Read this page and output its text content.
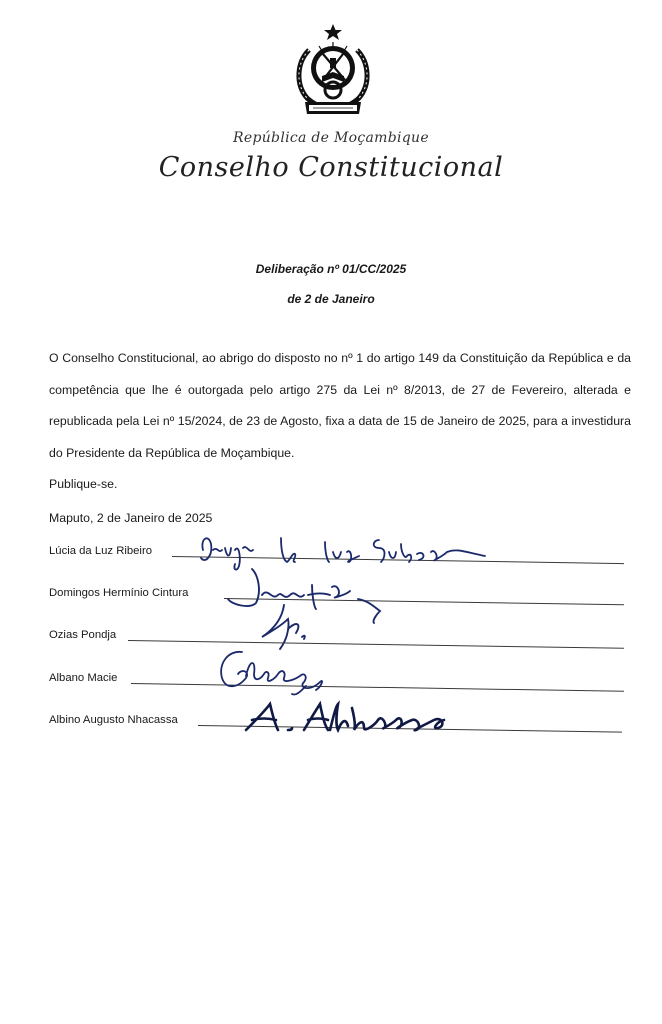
República de Moçambique
Conselho Constitucional
Deliberação nº 01/CC/2025
de 2 de Janeiro
O Conselho Constitucional, ao abrigo do disposto no nº 1 do artigo 149 da Constituição da República e da competência que lhe é outorgada pelo artigo 275 da Lei nº 8/2013, de 27 de Fevereiro, alterada e republicada pela Lei nº 15/2024, de 23 de Agosto, fixa a data de 15 de Janeiro de 2025, para a investidura do Presidente da República de Moçambique.
Publique-se.
Maputo, 2 de Janeiro de 2025
Lúcia da Luz Ribeiro
Domingos Hermínio Cintura
Ozias Pondja
Albano Macie
Albino Augusto Nhacassa
